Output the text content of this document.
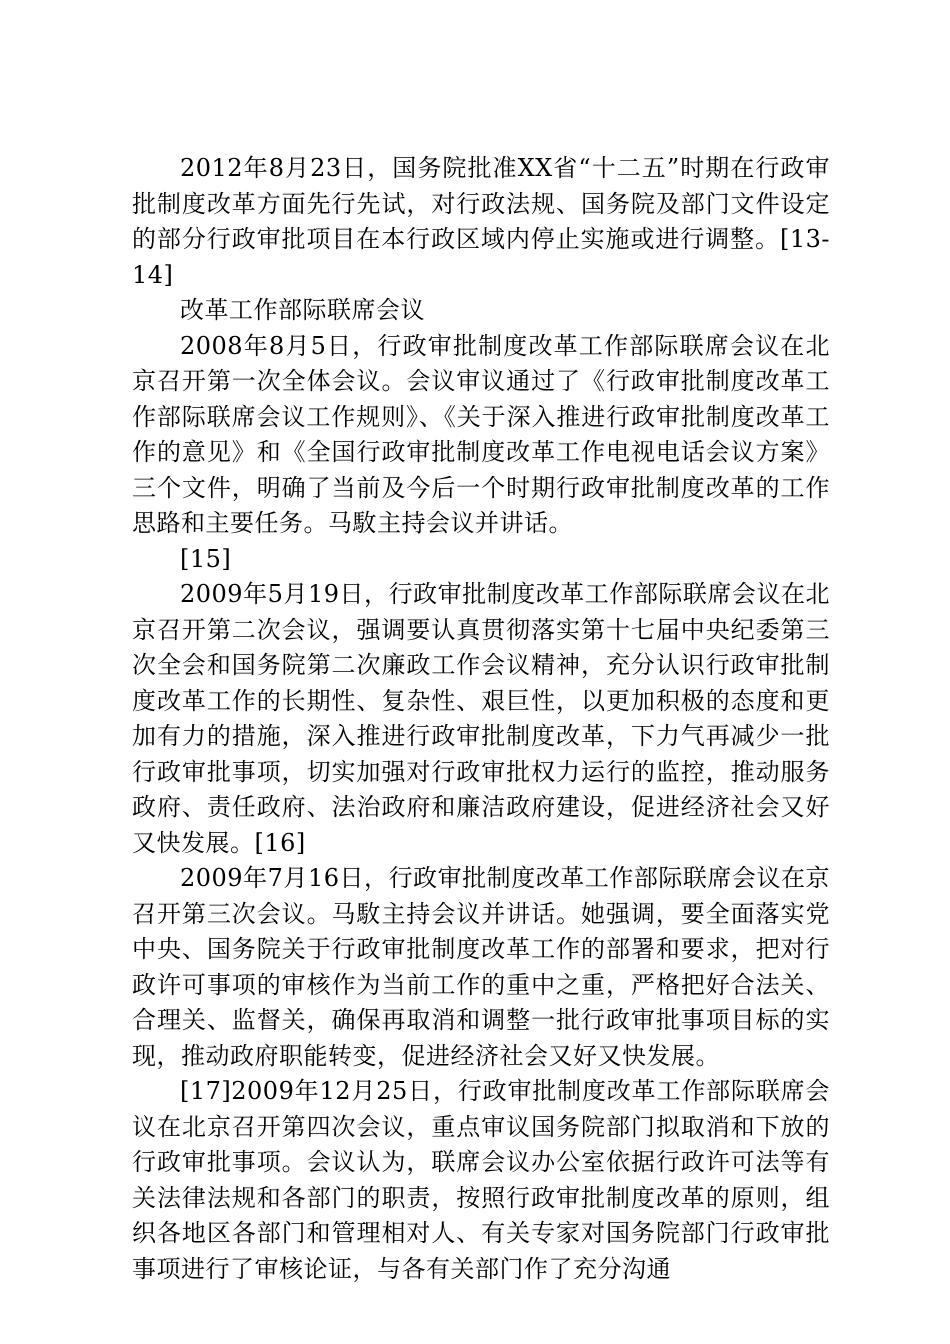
2012年8月23日，国务院批准XX省“十二五”时期在行政审批制度改革方面先行先试，对行政法规、国务院及部门文件设定的部分行政审批项目在本行政区域内停止实施或进行调整。[13-14]

改革工作部际联席会议

2008年8月5日，行政审批制度改革工作部际联席会议在北京召开第一次全体会议。会议审议通过了《行政审批制度改革工作部际联席会议工作规则》、《关于深入推进行政审批制度改革工作的意见》和《全国行政审批制度改革工作电视电话会议方案》三个文件，明确了当前及今后一个时期行政审批制度改革的工作思路和主要任务。马駇主持会议并讲话。

[15]

2009年5月19日，行政审批制度改革工作部际联席会议在北京召开第二次会议，强调要认真贯彻落实第十七届中央纪委第三次全会和国务院第二次廉政工作会议精神，充分认识行政审批制度改革工作的长期性、复杂性、艰巨性，以更加积极的态度和更加有力的措施，深入推进行政审批制度改革，下力气再减少一批行政审批事项，切实加强对行政审批权力运行的监控，推动服务政府、责任政府、法治政府和廉洁政府建设，促进经济社会又好又快发展。[16]

2009年7月16日，行政审批制度改革工作部际联席会议在京召开第三次会议。马駇主持会议并讲话。她强调，要全面落实党中央、国务院关于行政审批制度改革工作的部署和要求，把对行政许可事项的审核作为当前工作的重中之重，严格把好合法关、合理关、监督关，确保再取消和调整一批行政审批事项目标的实现，推动政府职能转变，促进经济社会又好又快发展。

[17]2009年12月25日，行政审批制度改革工作部际联席会议在北京召开第四次会议，重点审议国务院部门拟取消和下放的行政审批事项。会议认为，联席会议办公室依据行政许可法等有关法律法规和各部门的职责，按照行政审批制度改革的原则，组织各地区各部门和管理相对人、有关专家对国务院部门行政审批事项进行了审核论证，与各有关部门作了充分沟通
